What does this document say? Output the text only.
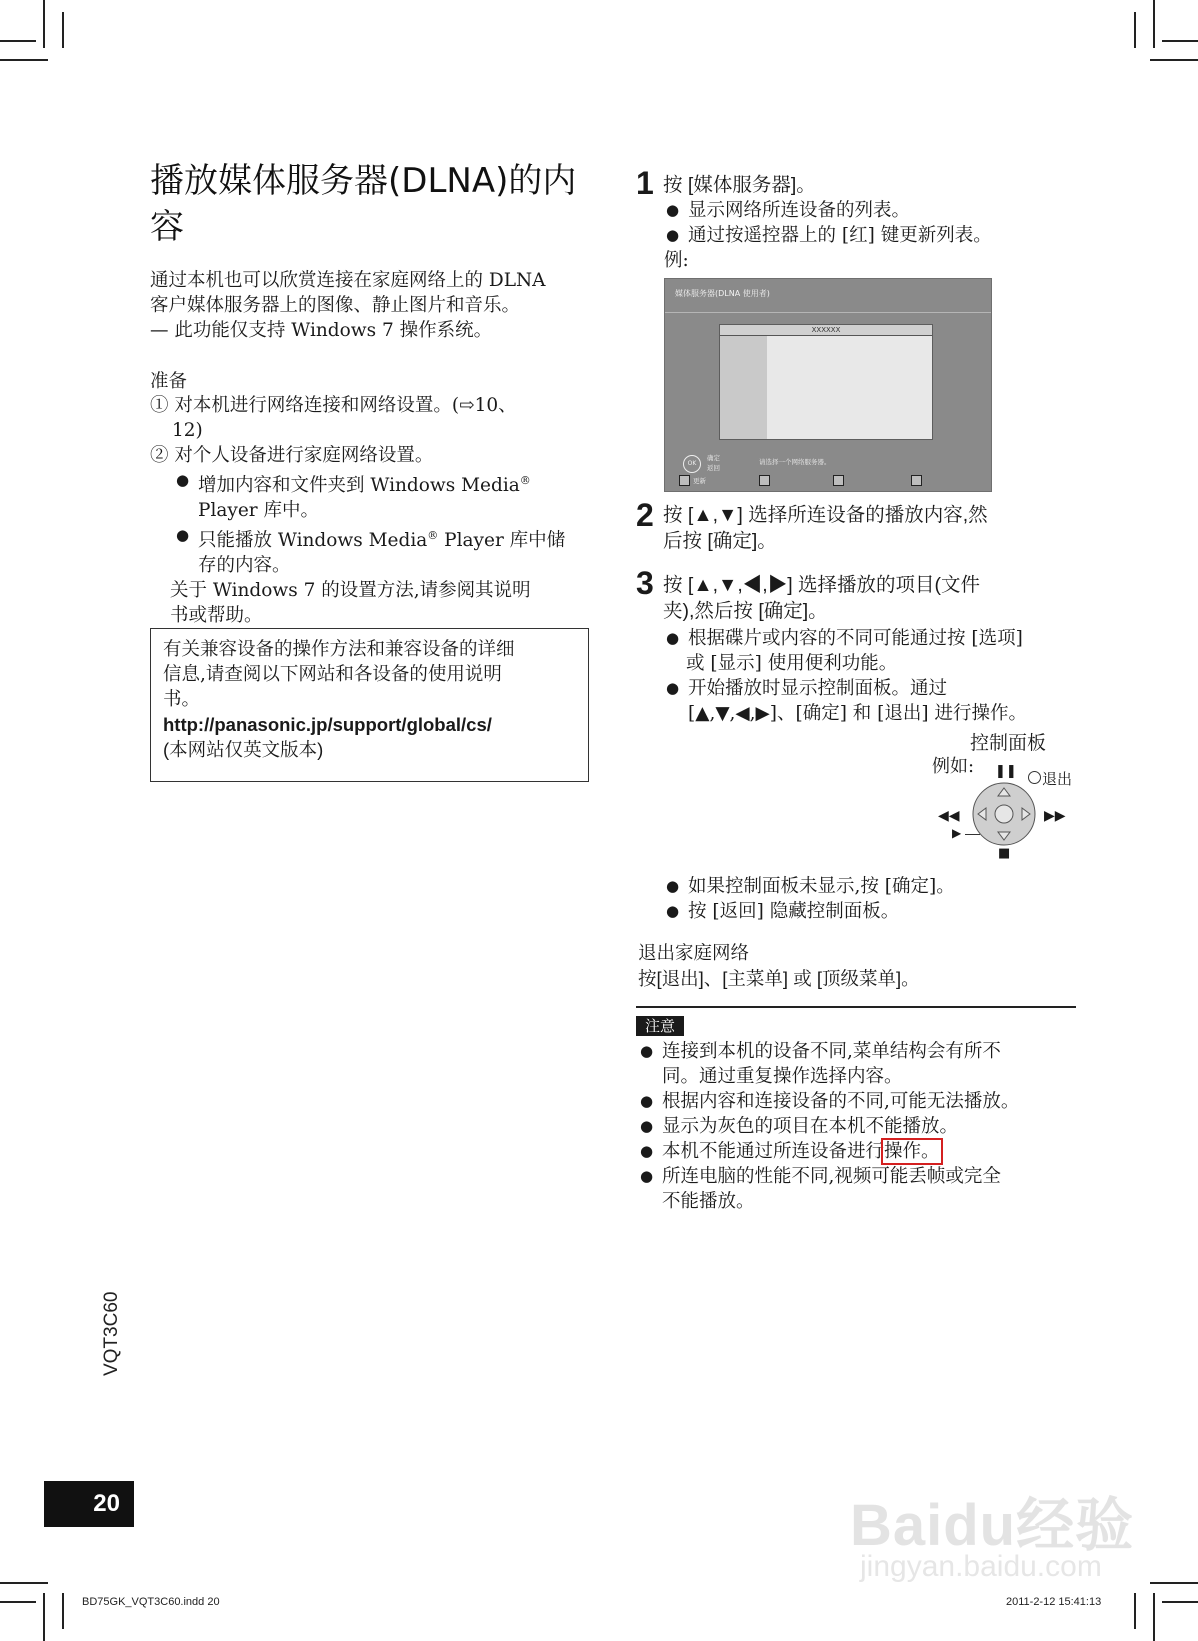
播放媒体服务器(DLNA)的内容
通过本机也可以欣赏连接在家庭网络上的 DLNA
客户媒体服务器上的图像、静止图片和音乐。
— 此功能仅支持 Windows 7 操作系统。
准备
① 对本机进行网络连接和网络设置。(⇨10、
12)
② 对个人设备进行家庭网络设置。
● 增加内容和文件夹到 Windows Media®
Player 库中。
● 只能播放 Windows Media® Player 库中储
存的内容。
关于 Windows 7 的设置方法,请参阅其说明
书或帮助。
有关兼容设备的操作方法和兼容设备的详细
信息,请查阅以下网站和各设备的使用说明
书。
http://panasonic.jp/support/global/cs/
(本网站仅英文版本)
1 按 [媒体服务器]。
● 显示网络所连设备的列表。
● 通过按遥控器上的 [红] 键更新列表。
例:
媒体服务器(DLNA 使用者)
XXXXXX
OK
确定
返回
请选择一个网络服务器。
更新
2 按 [▲,▼] 选择所连设备的播放内容,然
后按 [确定]。
3 按 [▲,▼,◀,▶] 选择播放的项目(文件
夹),然后按 [确定]。
● 根据碟片或内容的不同可能通过按 [选项]
或 [显示] 使用便利功能。
● 开始播放时显示控制面板。通过
[▲,▼,◀,▶]、[确定] 和 [退出] 进行操作。
控制面板
例如: ❚❚ 退出
◀◀	▶▶
▶
■
● 如果控制面板未显示,按 [确定]。
● 按 [返回] 隐藏控制面板。
退出家庭网络
按[退出]、[主菜单] 或 [顶级菜单]。
注意
● 连接到本机的设备不同,菜单结构会有所不
同。通过重复操作选择内容。
● 根据内容和连接设备的不同,可能无法播放。
● 显示为灰色的项目在本机不能播放。
● 本机不能通过所连设备进行操作。
● 所连电脑的性能不同,视频可能丢帧或完全
不能播放。
VQT3C60
20	Baidu经验
jingyan.baidu.com
BD75GK_VQT3C60.indd 20	2011-2-12 15:41:13
